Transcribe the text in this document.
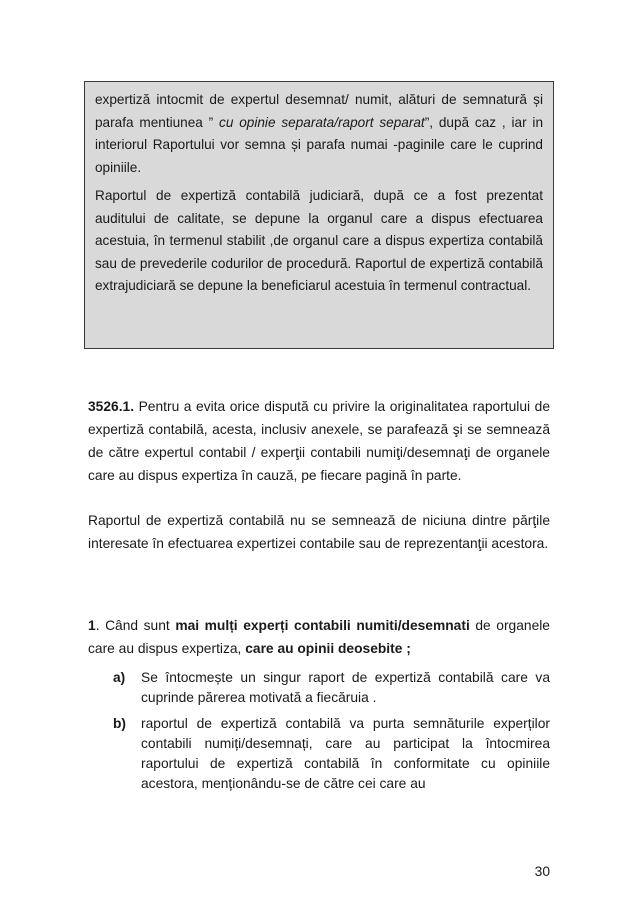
expertiză intocmit de expertul desemnat/ numit, alături de semnatură și parafa mentiunea ” cu opinie separata/raport separat”, după caz , iar in interiorul Raportului vor semna și parafa numai -paginile care le cuprind opiniile.

Raportul de expertiză contabilă judiciară, după ce a fost prezentat auditului de calitate, se depune la organul care a dispus efectuarea acestuia, în termenul stabilit ,de organul care a dispus expertiza contabilă sau de prevederile codurilor de procedură. Raportul de expertiză contabilă extrajudiciară se depune la beneficiarul acestuia în termenul contractual.

3526.1. Pentru a evita orice dispută cu privire la originalitatea raportului de expertiză contabilă, acesta, inclusiv anexele, se parafează şi se semnează de către expertul contabil / experţii contabili numiţi/desemnaţi de organele care au dispus expertiza în cauză, pe fiecare pagină în parte.

Raportul de expertiză contabilă nu se semnează de niciuna dintre părţile interesate în efectuarea expertizei contabile sau de reprezentanţii acestora.

1. Când sunt mai mulți experți contabili numiti/desemnati de organele care au dispus expertiza, care au opinii deosebite ;

a) Se întocmește un singur raport de expertiză contabilă care va cuprinde părerea motivată a fiecăruia .

b) raportul de expertiză contabilă va purta semnăturile experților contabili numiți/desemnați, care au participat la întocmirea raportului de expertiză contabilă în conformitate cu opiniile acestora, menționându-se de către cei care au

30
